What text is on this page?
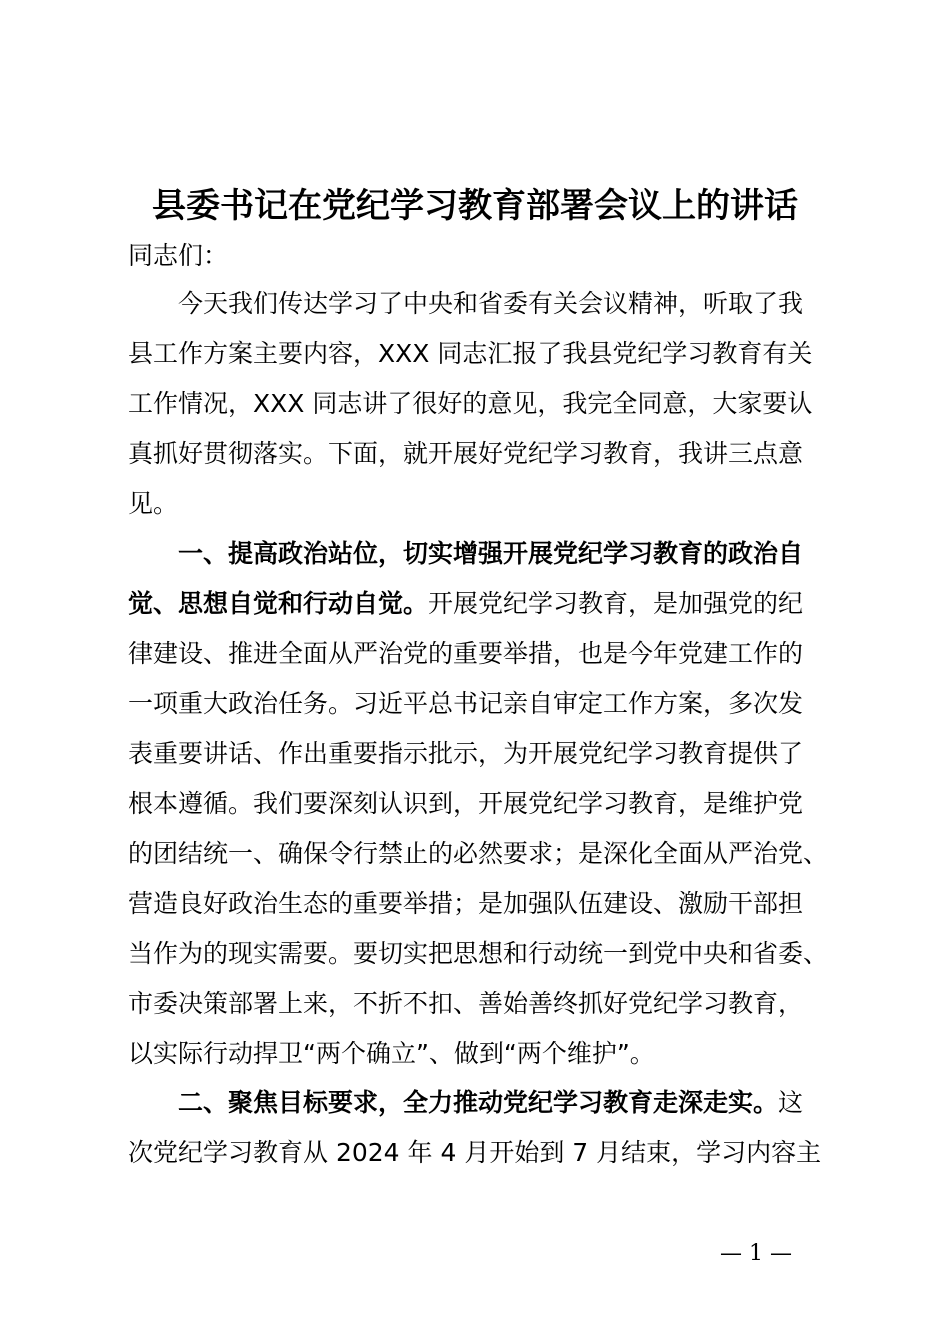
县委书记在党纪学习教育部署会议上的讲话
同志们：
今天我们传达学习了中央和省委有关会议精神，听取了我
县工作方案主要内容，XXX 同志汇报了我县党纪学习教育有关
工作情况，XXX 同志讲了很好的意见，我完全同意，大家要认
真抓好贯彻落实。下面，就开展好党纪学习教育，我讲三点意
见。
一、提高政治站位，切实增强开展党纪学习教育的政治自
觉、思想自觉和行动自觉。开展党纪学习教育，是加强党的纪
律建设、推进全面从严治党的重要举措，也是今年党建工作的
一项重大政治任务。习近平总书记亲自审定工作方案，多次发
表重要讲话、作出重要指示批示，为开展党纪学习教育提供了
根本遵循。我们要深刻认识到，开展党纪学习教育，是维护党
的团结统一、确保令行禁止的必然要求；是深化全面从严治党、
营造良好政治生态的重要举措；是加强队伍建设、激励干部担
当作为的现实需要。要切实把思想和行动统一到党中央和省委、
市委决策部署上来，不折不扣、善始善终抓好党纪学习教育，
以实际行动捍卫“两个确立”、做到“两个维护”。
二、聚焦目标要求，全力推动党纪学习教育走深走实。这
次党纪学习教育从 2024 年 4 月开始到 7 月结束，学习内容主
— 1 —
